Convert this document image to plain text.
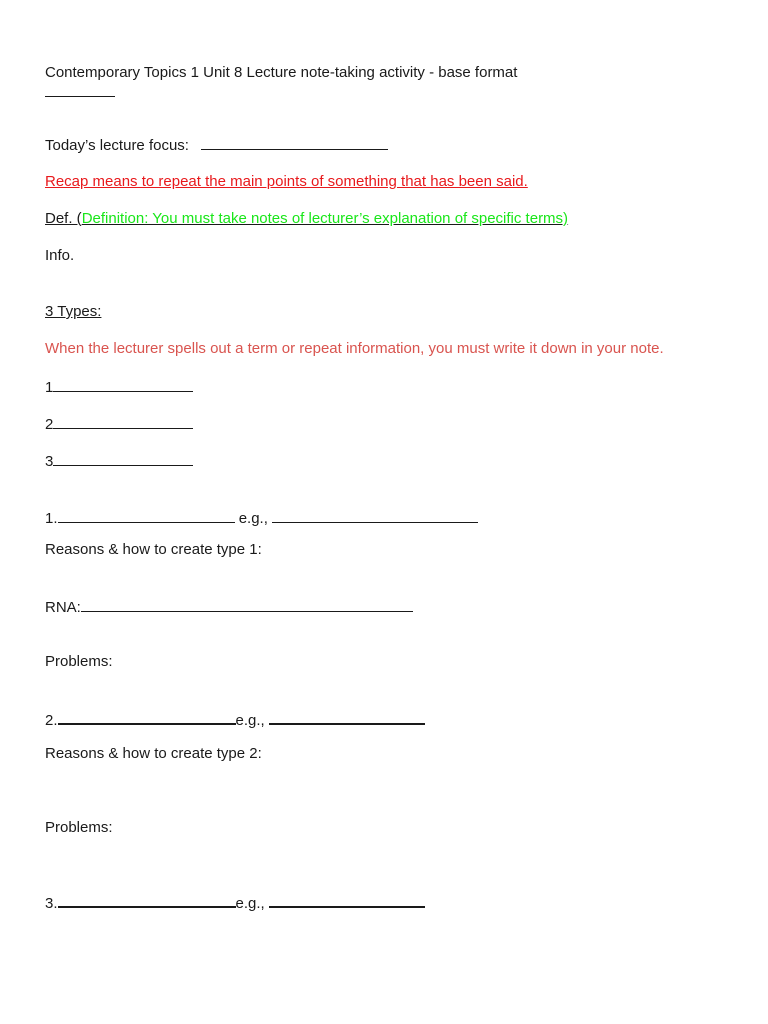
Contemporary Topics 1 Unit 8 Lecture note-taking activity - base format
Today’s lecture focus:
Recap means to repeat the main points of something that has been said.
Def. (Definition: You must take notes of lecturer’s explanation of specific terms)
Info.
3 Types:
When the lecturer spells out a term or repeat information, you must write it down in your note.
1
2
3
1.	e.g.,
Reasons & how to create type 1:
RNA:
Problems:
2.	e.g.,
Reasons & how to create type 2:
Problems:
3.	e.g.,
